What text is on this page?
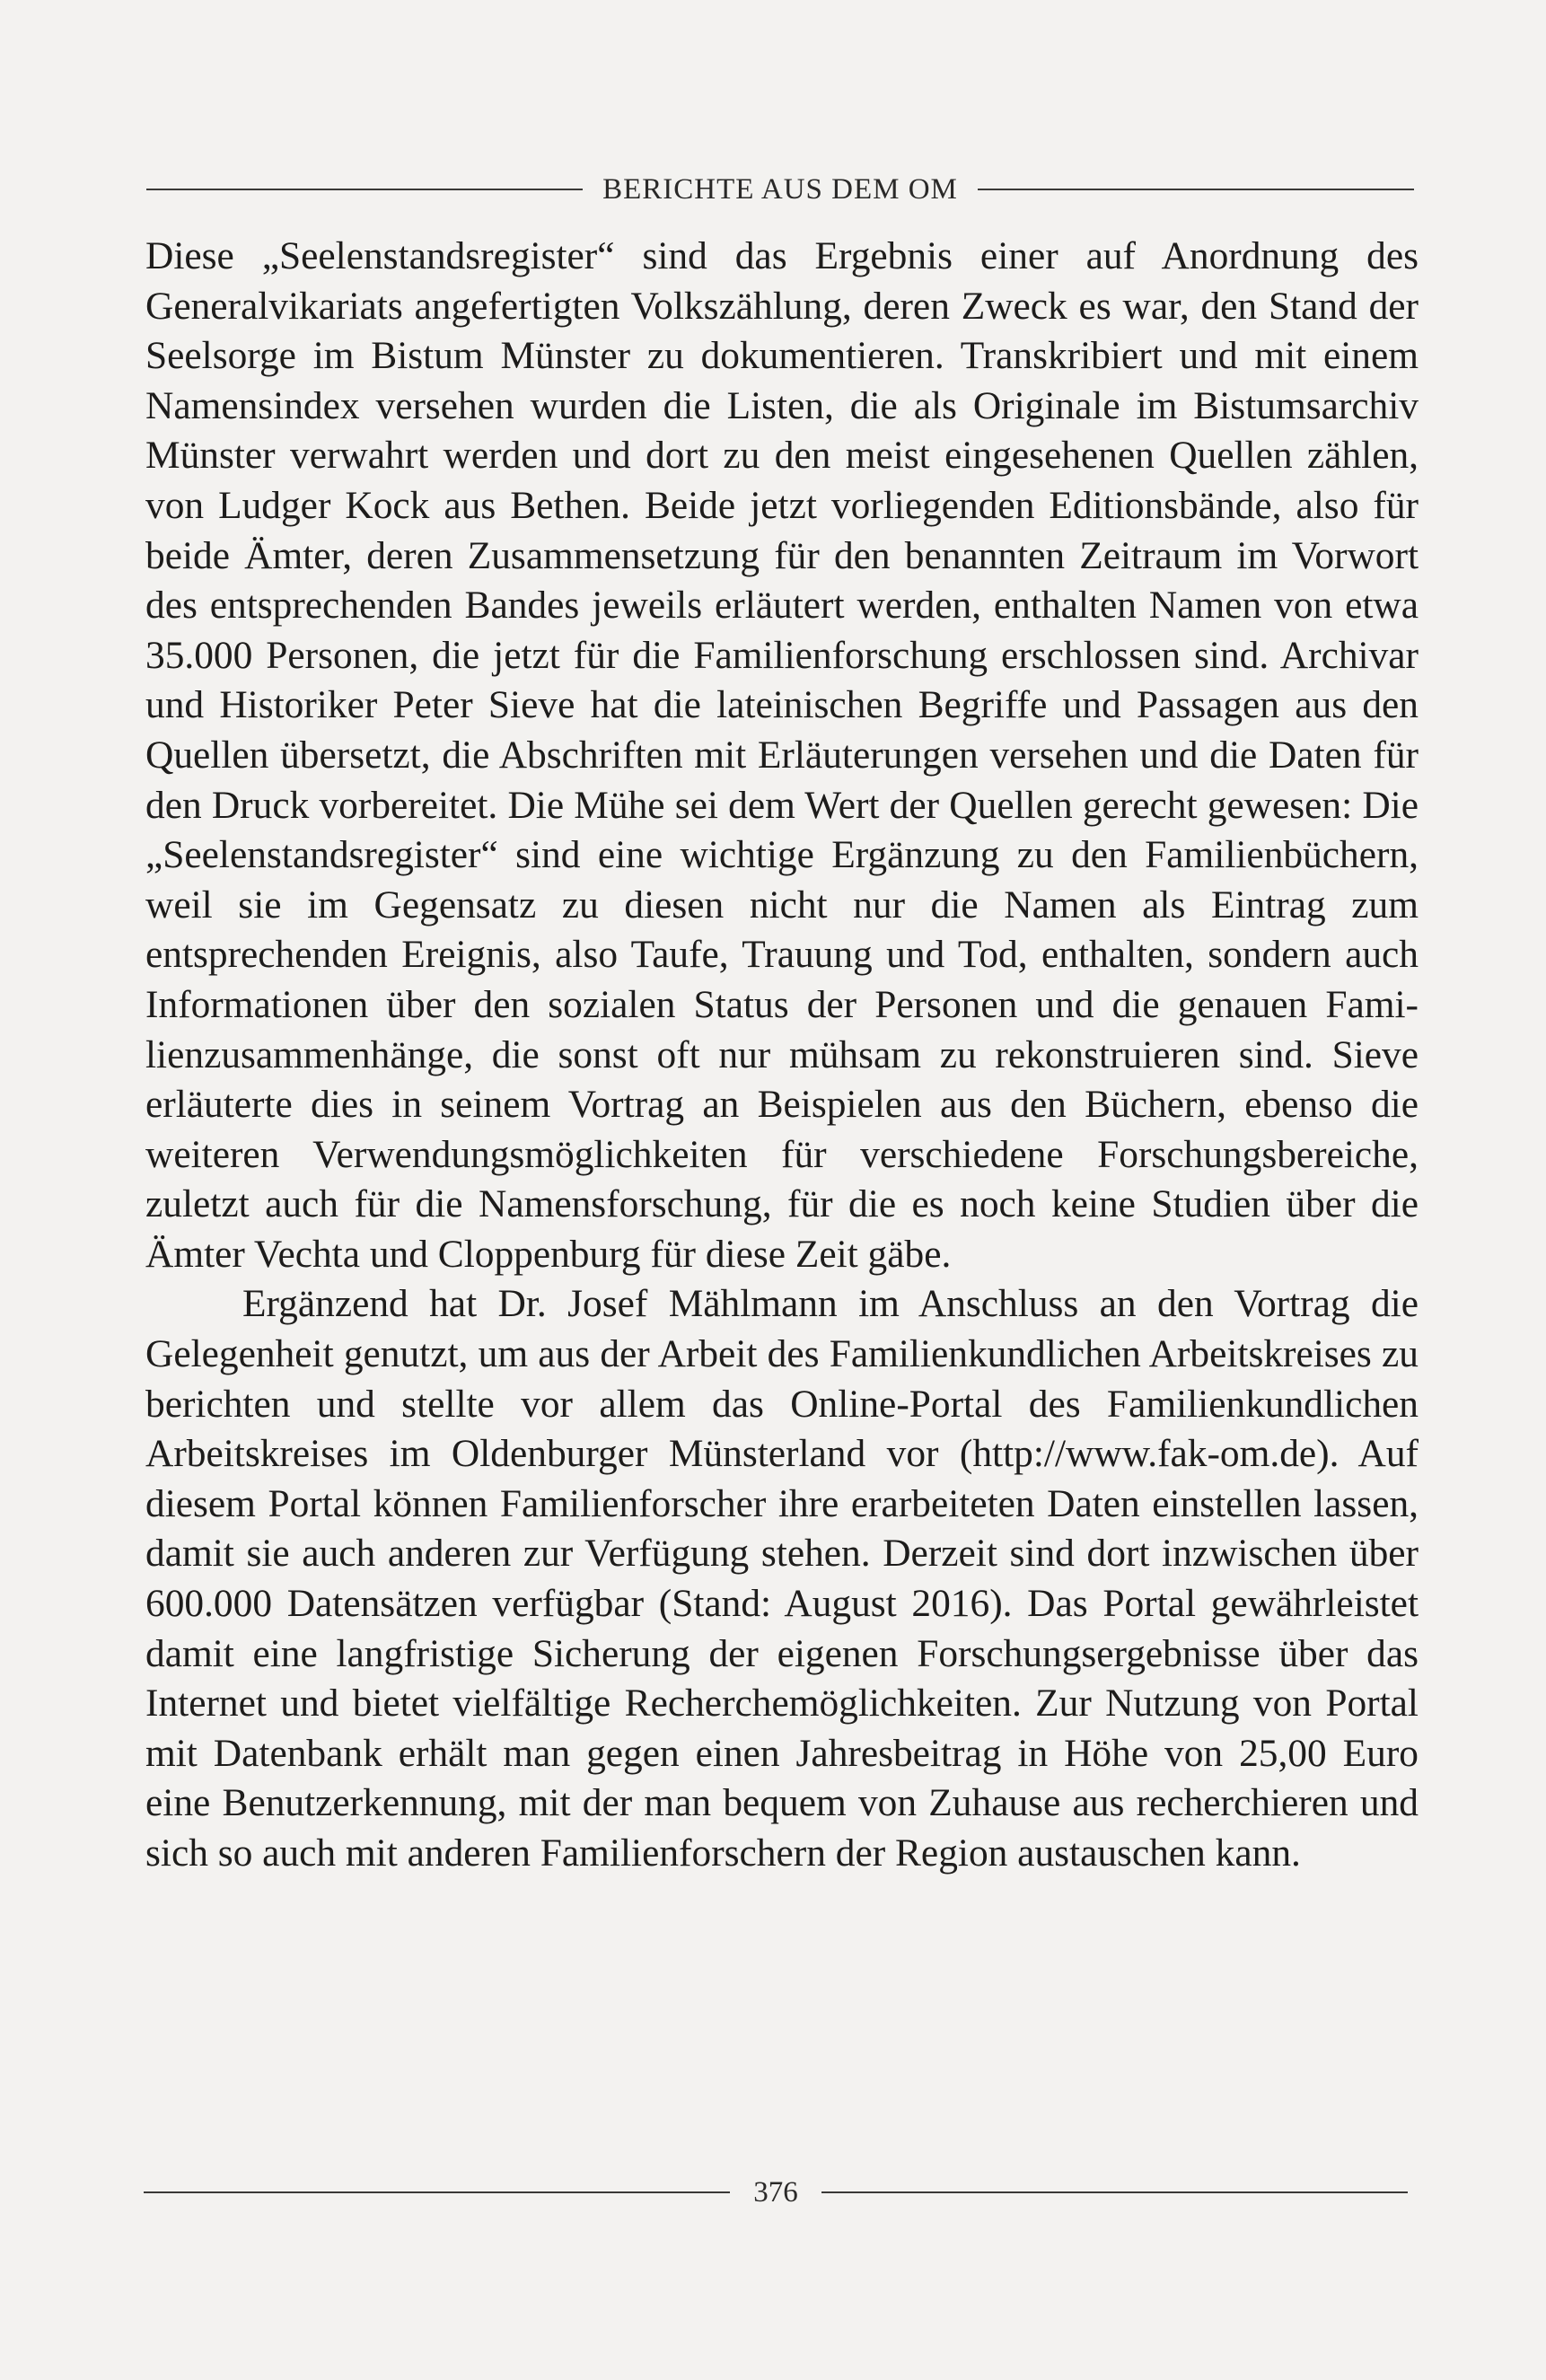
BERICHTE AUS DEM OM

Diese „Seelenstandsregister“ sind das Ergebnis einer auf Anordnung des Generalvikariats angefertigten Volkszählung, deren Zweck es war, den Stand der Seelsorge im Bistum Münster zu dokumentieren. Transkribiert und mit einem Namensindex versehen wurden die Listen, die als Originale im Bistumsarchiv Münster verwahrt werden und dort zu den meist eingesehenen Quellen zählen, von Ludger Kock aus Bethen. Beide jetzt vorliegenden Editionsbände, also für beide Ämter, deren Zusammensetzung für den benannten Zeitraum im Vorwort des entsprechenden Bandes jeweils erläutert werden, enthalten Namen von etwa 35.000 Personen, die jetzt für die Familienforschung erschlossen sind. Archivar und Historiker Peter Sieve hat die lateinischen Begriffe und Passagen aus den Quellen übersetzt, die Abschriften mit Erläuterungen versehen und die Daten für den Druck vorbereitet. Die Mühe sei dem Wert der Quellen gerecht gewesen: Die „Seelenstandsregister“ sind eine wichtige Ergänzung zu den Familienbüchern, weil sie im Gegensatz zu diesen nicht nur die Namen als Eintrag zum entsprechenden Ereignis, also Taufe, Trauung und Tod, enthalten, sondern auch Informationen über den sozialen Status der Personen und die genauen Familienzusammenhänge, die sonst oft nur mühsam zu rekonstruieren sind. Sieve erläuterte dies in seinem Vortrag an Beispielen aus den Büchern, ebenso die weiteren Verwendungsmöglichkeiten für verschiedene Forschungsbereiche, zuletzt auch für die Namensforschung, für die es noch keine Studien über die Ämter Vechta und Cloppenburg für diese Zeit gäbe.

Ergänzend hat Dr. Josef Mählmann im Anschluss an den Vortrag die Gelegenheit genutzt, um aus der Arbeit des Familienkundlichen Arbeitskreises zu berichten und stellte vor allem das Online-Portal des Familienkundlichen Arbeitskreises im Oldenburger Münsterland vor (http://www.fak-om.de). Auf diesem Portal können Familienforscher ihre erarbeiteten Daten einstellen lassen, damit sie auch anderen zur Verfügung stehen. Derzeit sind dort inzwischen über 600.000 Datensätzen verfügbar (Stand: August 2016). Das Portal gewährleistet damit eine langfristige Sicherung der eigenen Forschungsergebnisse über das Internet und bietet vielfältige Recherchemöglichkeiten. Zur Nutzung von Portal mit Datenbank erhält man gegen einen Jahresbeitrag in Höhe von 25,00 Euro eine Benutzerkennung, mit der man bequem von Zuhause aus recherchieren und sich so auch mit anderen Familienforschern der Region austauschen kann.

376
